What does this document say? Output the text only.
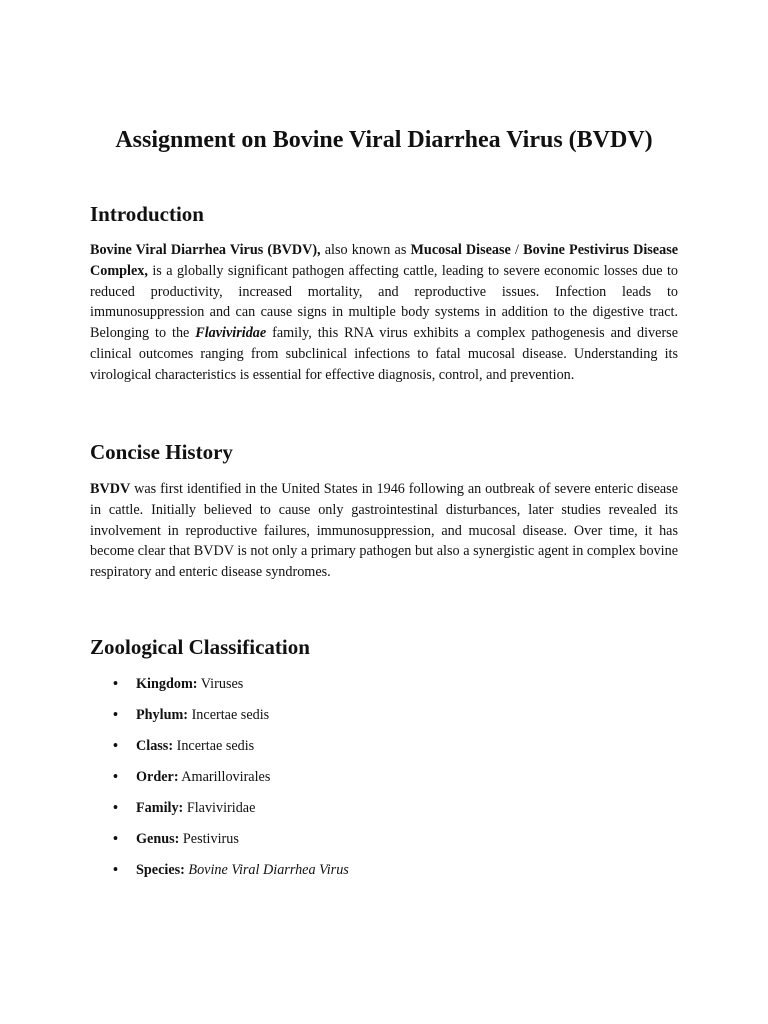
Assignment on Bovine Viral Diarrhea Virus (BVDV)
Introduction

Bovine Viral Diarrhea Virus (BVDV), also known as Mucosal Disease / Bovine Pestivirus Disease Complex, is a globally significant pathogen affecting cattle, leading to severe economic losses due to reduced productivity, increased mortality, and reproductive issues. Infection leads to immunosuppression and can cause signs in multiple body systems in addition to the digestive tract. Belonging to the Flaviviridae family, this RNA virus exhibits a complex pathogenesis and diverse clinical outcomes ranging from subclinical infections to fatal mucosal disease. Understanding its virological characteristics is essential for effective diagnosis, control, and prevention.

Concise History

BVDV was first identified in the United States in 1946 following an outbreak of severe enteric disease in cattle. Initially believed to cause only gastrointestinal disturbances, later studies revealed its involvement in reproductive failures, immunosuppression, and mucosal disease. Over time, it has become clear that BVDV is not only a primary pathogen but also a synergistic agent in complex bovine respiratory and enteric disease syndromes.

Zoological Classification
• Kingdom: Viruses
• Phylum: Incertae sedis
• Class: Incertae sedis
• Order: Amarillovirales
• Family: Flaviviridae
• Genus: Pestivirus
• Species: Bovine Viral Diarrhea Virus
